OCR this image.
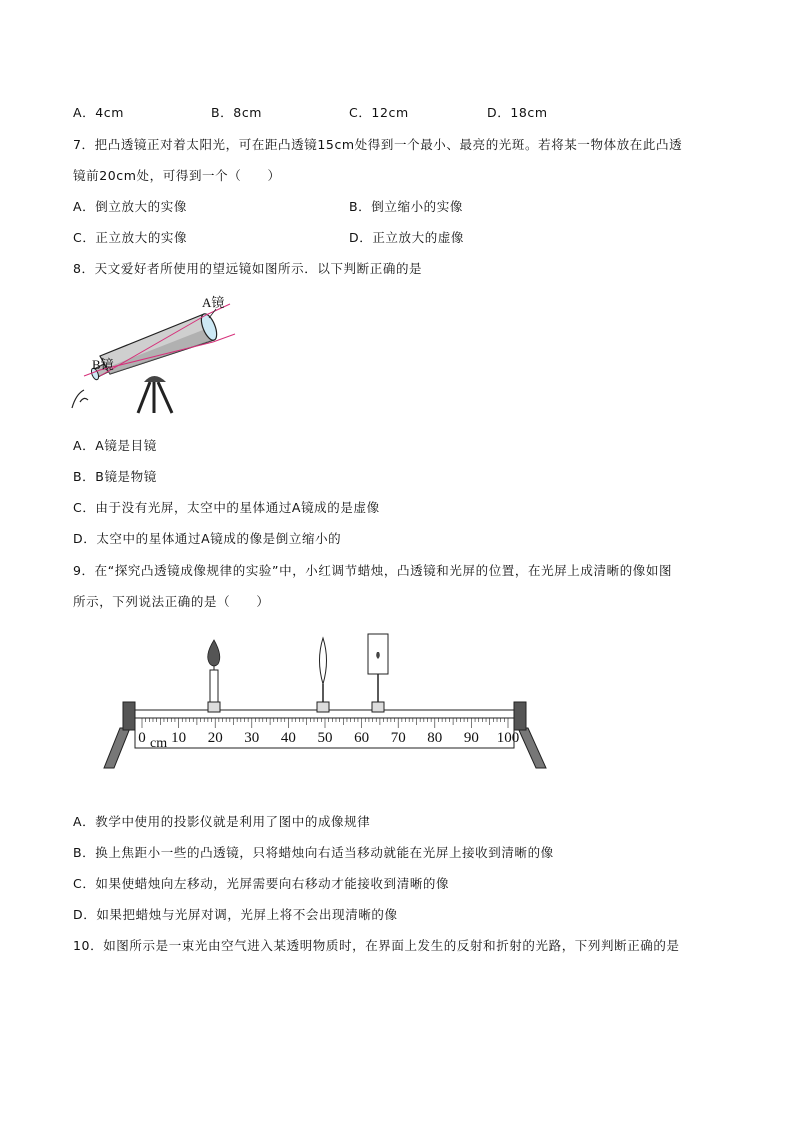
A．4cm	B．8cm	C．12cm	D．18cm
7．把凸透镜正对着太阳光，可在距凸透镜15cm处得到一个最小、最亮的光斑。若将某一物体放在此凸透
镜前20cm处，可得到一个（　　）
A．倒立放大的实像	B．倒立缩小的实像
C．正立放大的实像	D．正立放大的虚像
8．天文爱好者所使用的望远镜如图所示．以下判断正确的是
A镜
B镜
A．A镜是目镜
B．B镜是物镜
C．由于没有光屏，太空中的星体通过A镜成的是虚像
D．太空中的星体通过A镜成的像是倒立缩小的
9．在“探究凸透镜成像规律的实验”中，小红调节蜡烛，凸透镜和光屏的位置，在光屏上成清晰的像如图
所示，下列说法正确的是（　　）
0 10 20 30 40 50 60 70 80 90 100
cm
A．教学中使用的投影仪就是利用了图中的成像规律
B．换上焦距小一些的凸透镜，只将蜡烛向右适当移动就能在光屏上接收到清晰的像
C．如果使蜡烛向左移动，光屏需要向右移动才能接收到清晰的像
D．如果把蜡烛与光屏对调，光屏上将不会出现清晰的像
10．如图所示是一束光由空气进入某透明物质时，在界面上发生的反射和折射的光路，下列判断正确的是
